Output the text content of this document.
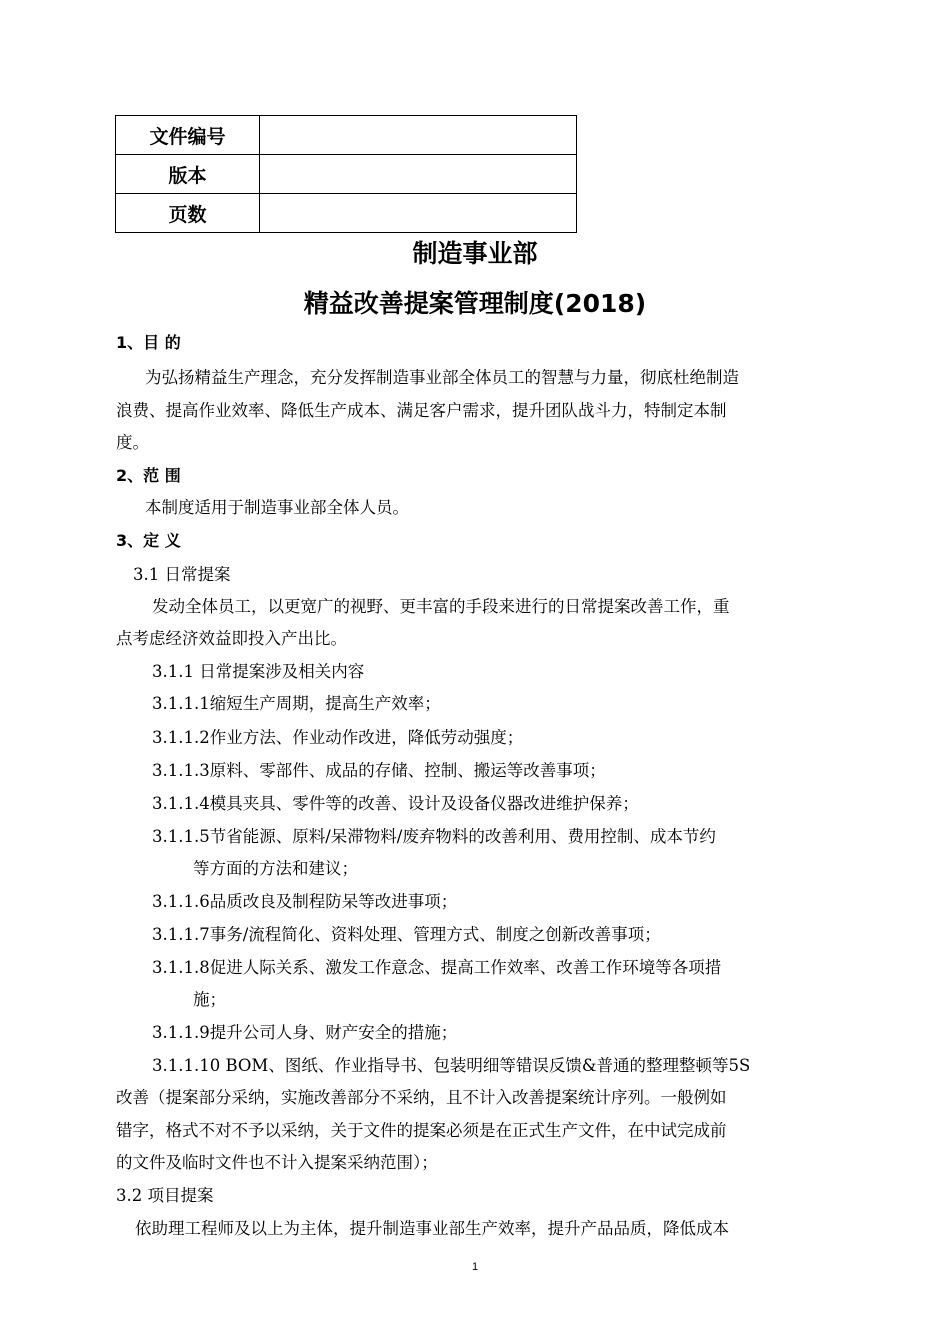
文件编号	
版本	
页数	
制造事业部
精益改善提案管理制度(2018)
1、目 的
为弘扬精益生产理念，充分发挥制造事业部全体员工的智慧与力量，彻底杜绝制造
浪费、提高作业效率、降低生产成本、满足客户需求，提升团队战斗力，特制定本制
度。
2、范 围
本制度适用于制造事业部全体人员。
3、定 义
3.1 日常提案
发动全体员工，以更宽广的视野、更丰富的手段来进行的日常提案改善工作，重
点考虑经济效益即投入产出比。
3.1.1 日常提案涉及相关内容
3.1.1.1缩短生产周期，提高生产效率；
3.1.1.2作业方法、作业动作改进，降低劳动强度；
3.1.1.3原料、零部件、成品的存储、控制、搬运等改善事项；
3.1.1.4模具夹具、零件等的改善、设计及设备仪器改进维护保养；
3.1.1.5节省能源、原料/呆滞物料/废弃物料的改善利用、费用控制、成本节约
等方面的方法和建议；
3.1.1.6品质改良及制程防呆等改进事项；
3.1.1.7事务/流程简化、资料处理、管理方式、制度之创新改善事项；
3.1.1.8促进人际关系、激发工作意念、提高工作效率、改善工作环境等各项措
施；
3.1.1.9提升公司人身、财产安全的措施；
3.1.1.10 BOM、图纸、作业指导书、包装明细等错误反馈&普通的整理整顿等5S
改善（提案部分采纳，实施改善部分不采纳，且不计入改善提案统计序列。一般例如
错字，格式不对不予以采纳，关于文件的提案必须是在正式生产文件，在中试完成前
的文件及临时文件也不计入提案采纳范围）；
3.2 项目提案
依助理工程师及以上为主体，提升制造事业部生产效率，提升产品品质，降低成本
1
